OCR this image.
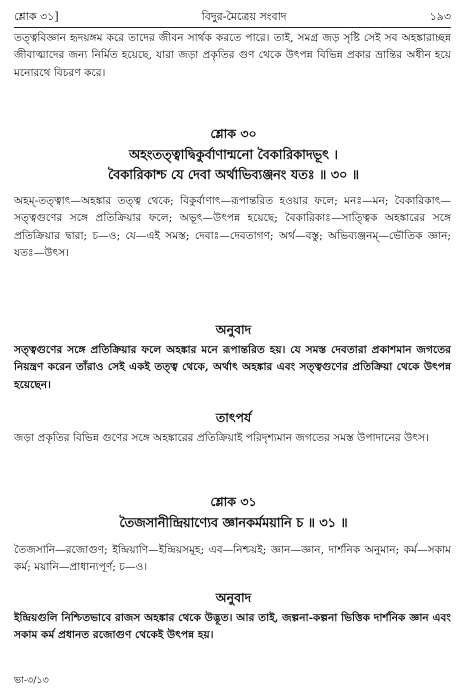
শ্লোক ৩১]	বিদুর-মৈত্রেয় সংবাদ	১৯৩
তত্ত্ববিজ্ঞান হৃদয়ঙ্গম করে তাদের জীবন সার্থক করতে পারে। তাই, সমগ্র জড় সৃষ্টি সেই সব অহঙ্কারাচ্ছন্ন জীবাত্মাদের জন্য নির্মিত হয়েছে, যারা জড়া প্রকৃতির গুণ থেকে উৎপন্ন বিভিন্ন প্রকার ভ্রান্তির অধীন হয়ে মনোরথে বিচরণ করে।
শ্লোক ৩০
অহংতত্ত্বাদ্বিকুর্বাণান্মনো বৈকারিকাদভূৎ ।
বৈকারিকাশ্চ যে দেবা অর্থাভিব্যঞ্জনং যতঃ ॥ ৩০ ॥
অহম্-তত্ত্বাৎ—অহঙ্কার তত্ত্ব থেকে; বিকুর্বাণাৎ—রূপান্তরিত হওয়ার ফলে; মনঃ—মন; বৈকারিকাৎ—সত্ত্বগুণের সঙ্গে প্রতিক্রিয়ার ফলে; অভূৎ—উৎপন্ন হয়েছে; বৈকারিকাঃ—সাত্ত্বিক অহঙ্কারের সঙ্গে প্রতিক্রিয়ার দ্বারা; চ—ও; যে—এই সমস্ত; দেবাঃ—দেবতাগণ; অর্থ—বস্তু; অভিব্যঞ্জনম্—ভৌতিক জ্ঞান; যতঃ—উৎস।
অনুবাদ
সত্ত্বগুণের সঙ্গে প্রতিক্রিয়ার ফলে অহঙ্কার মনে রূপান্তরিত হয়। যে সমস্ত দেবতারা প্রকাশমান জগতের নিয়ন্ত্রণ করেন তাঁরাও সেই একই তত্ত্ব থেকে, অর্থাৎ অহঙ্কার এবং সত্ত্বগুণের প্রতিক্রিয়া থেকে উৎপন্ন হয়েছেন।
তাৎপর্য
জড়া প্রকৃতির বিভিন্ন গুণের সঙ্গে অহঙ্কারের প্রতিক্রিয়াই পরিদৃশ্যমান জগতের সমস্ত উপাদানের উৎস।
শ্লোক ৩১
তৈজসানীন্দ্রিয়াণ্যেব জ্ঞানকর্মময়ানি চ ॥ ৩১ ॥
তৈজসানি—রজোগুণ; ইন্দ্রিয়াণি—ইন্দ্রিয়সমূহ; এব—নিশ্চয়ই; জ্ঞান—জ্ঞান, দার্শনিক অনুমান; কর্ম—সকাম কর্ম; ময়ানি—প্রাধান্যপূর্ণ; চ—ও।
অনুবাদ
ইন্দ্রিয়গুলি নিশ্চিতভাবে রাজস অহঙ্কার থেকে উদ্ভূত। আর তাই, জল্পনা-কল্পনা ভিত্তিক দার্শনিক জ্ঞান এবং সকাম কর্ম প্রধানত রজোগুণ থেকেই উৎপন্ন হয়।
ভা-৩/১৩
